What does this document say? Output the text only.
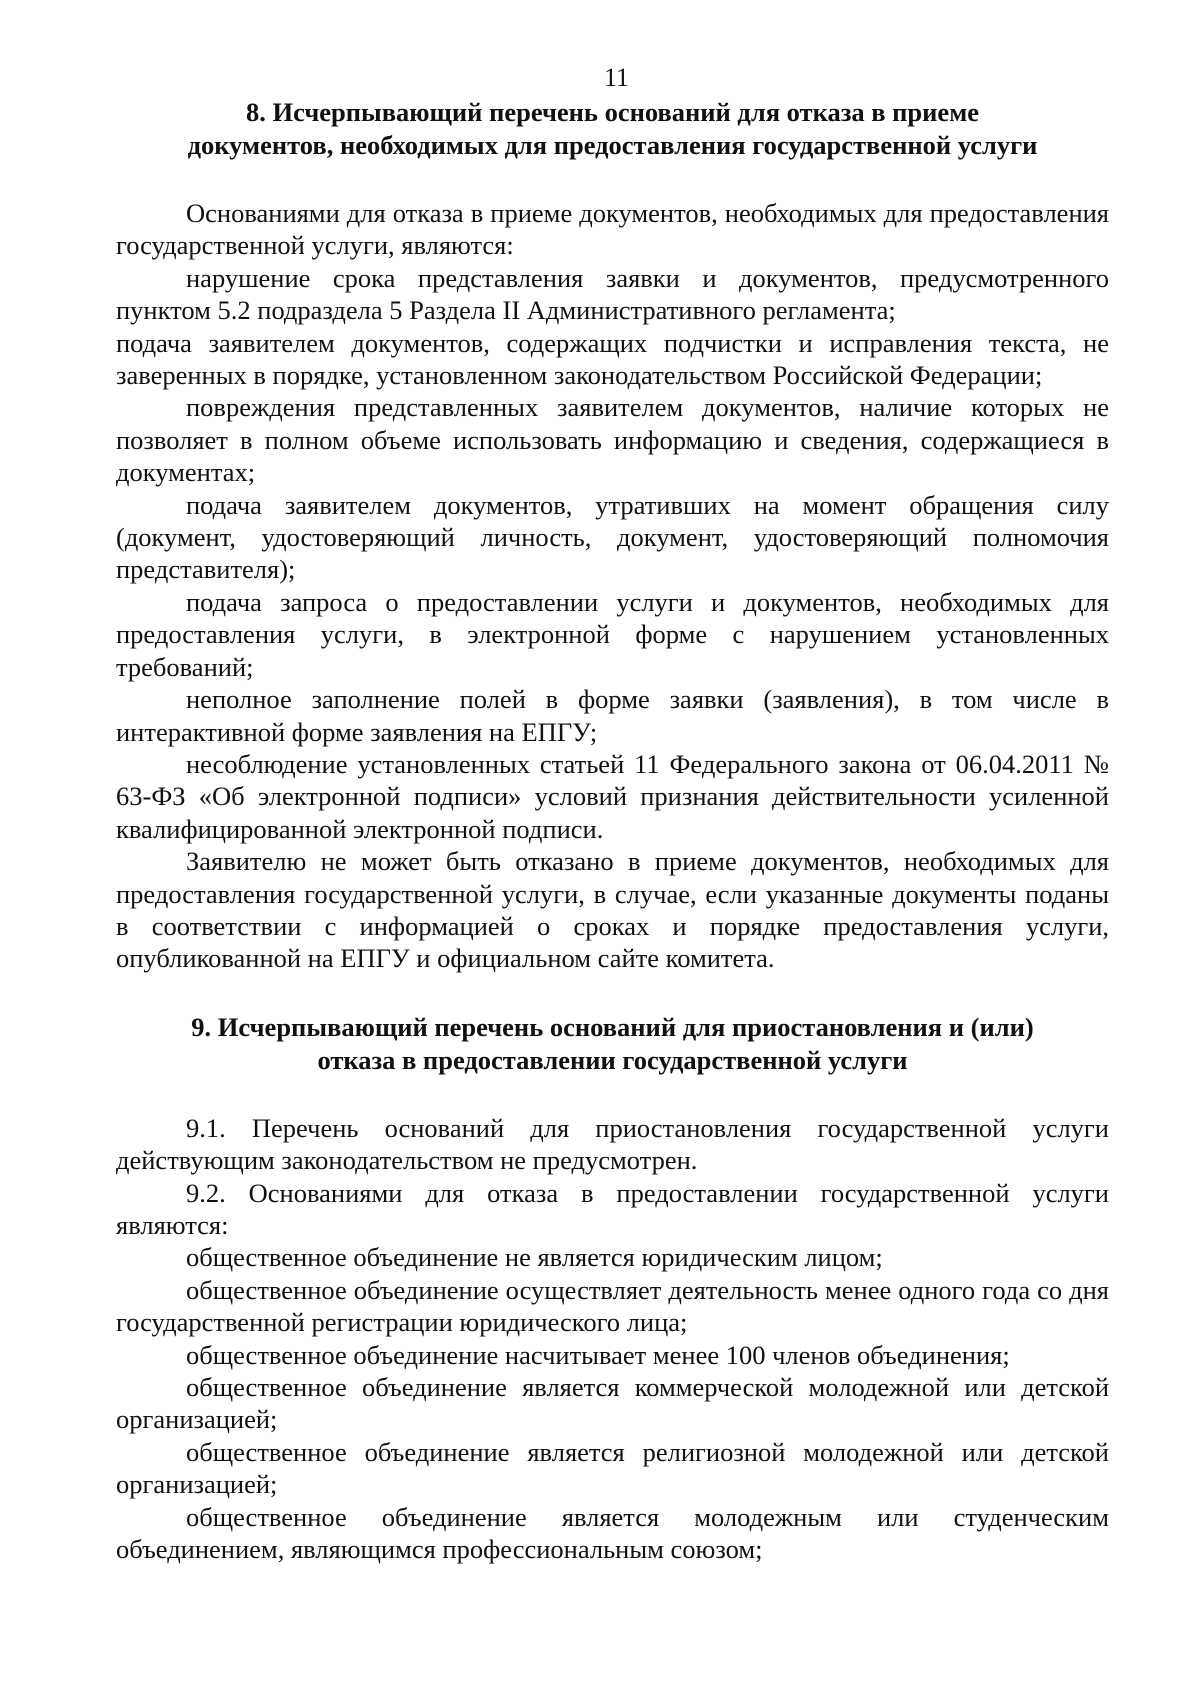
11
8. Исчерпывающий перечень оснований для отказа в приеме
документов, необходимых для предоставления государственной услуги

Основаниями для отказа в приеме документов, необходимых для предоставления государственной услуги, являются:

нарушение срока представления заявки и документов, предусмотренного пунктом 5.2 подраздела 5 Раздела II Административного регламента;

подача заявителем документов, содержащих подчистки и исправления текста, не заверенных в порядке, установленном законодательством Российской Федерации;

повреждения представленных заявителем документов, наличие которых не позволяет в полном объеме использовать информацию и сведения, содержащиеся в документах;

подача заявителем документов, утративших на момент обращения силу (документ, удостоверяющий личность, документ, удостоверяющий полномочия представителя);

подача запроса о предоставлении услуги и документов, необходимых для предоставления услуги, в электронной форме с нарушением установленных требований;

неполное заполнение полей в форме заявки (заявления), в том числе в интерактивной форме заявления на ЕПГУ;

несоблюдение установленных статьей 11 Федерального закона от 06.04.2011 № 63-ФЗ «Об электронной подписи» условий признания действительности усиленной квалифицированной электронной подписи.

Заявителю не может быть отказано в приеме документов, необходимых для предоставления государственной услуги, в случае, если указанные документы поданы в соответствии с информацией о сроках и порядке предоставления услуги, опубликованной на ЕПГУ и официальном сайте комитета.

9. Исчерпывающий перечень оснований для приостановления и (или)
отказа в предоставлении государственной услуги

9.1. Перечень оснований для приостановления государственной услуги действующим законодательством не предусмотрен.

9.2. Основаниями для отказа в предоставлении государственной услуги являются:

общественное объединение не является юридическим лицом;

общественное объединение осуществляет деятельность менее одного года со дня государственной регистрации юридического лица;

общественное объединение насчитывает менее 100 членов объединения;

общественное объединение является коммерческой молодежной или детской организацией;

общественное объединение является религиозной молодежной или детской организацией;

общественное объединение является молодежным или студенческим объединением, являющимся профессиональным союзом;
